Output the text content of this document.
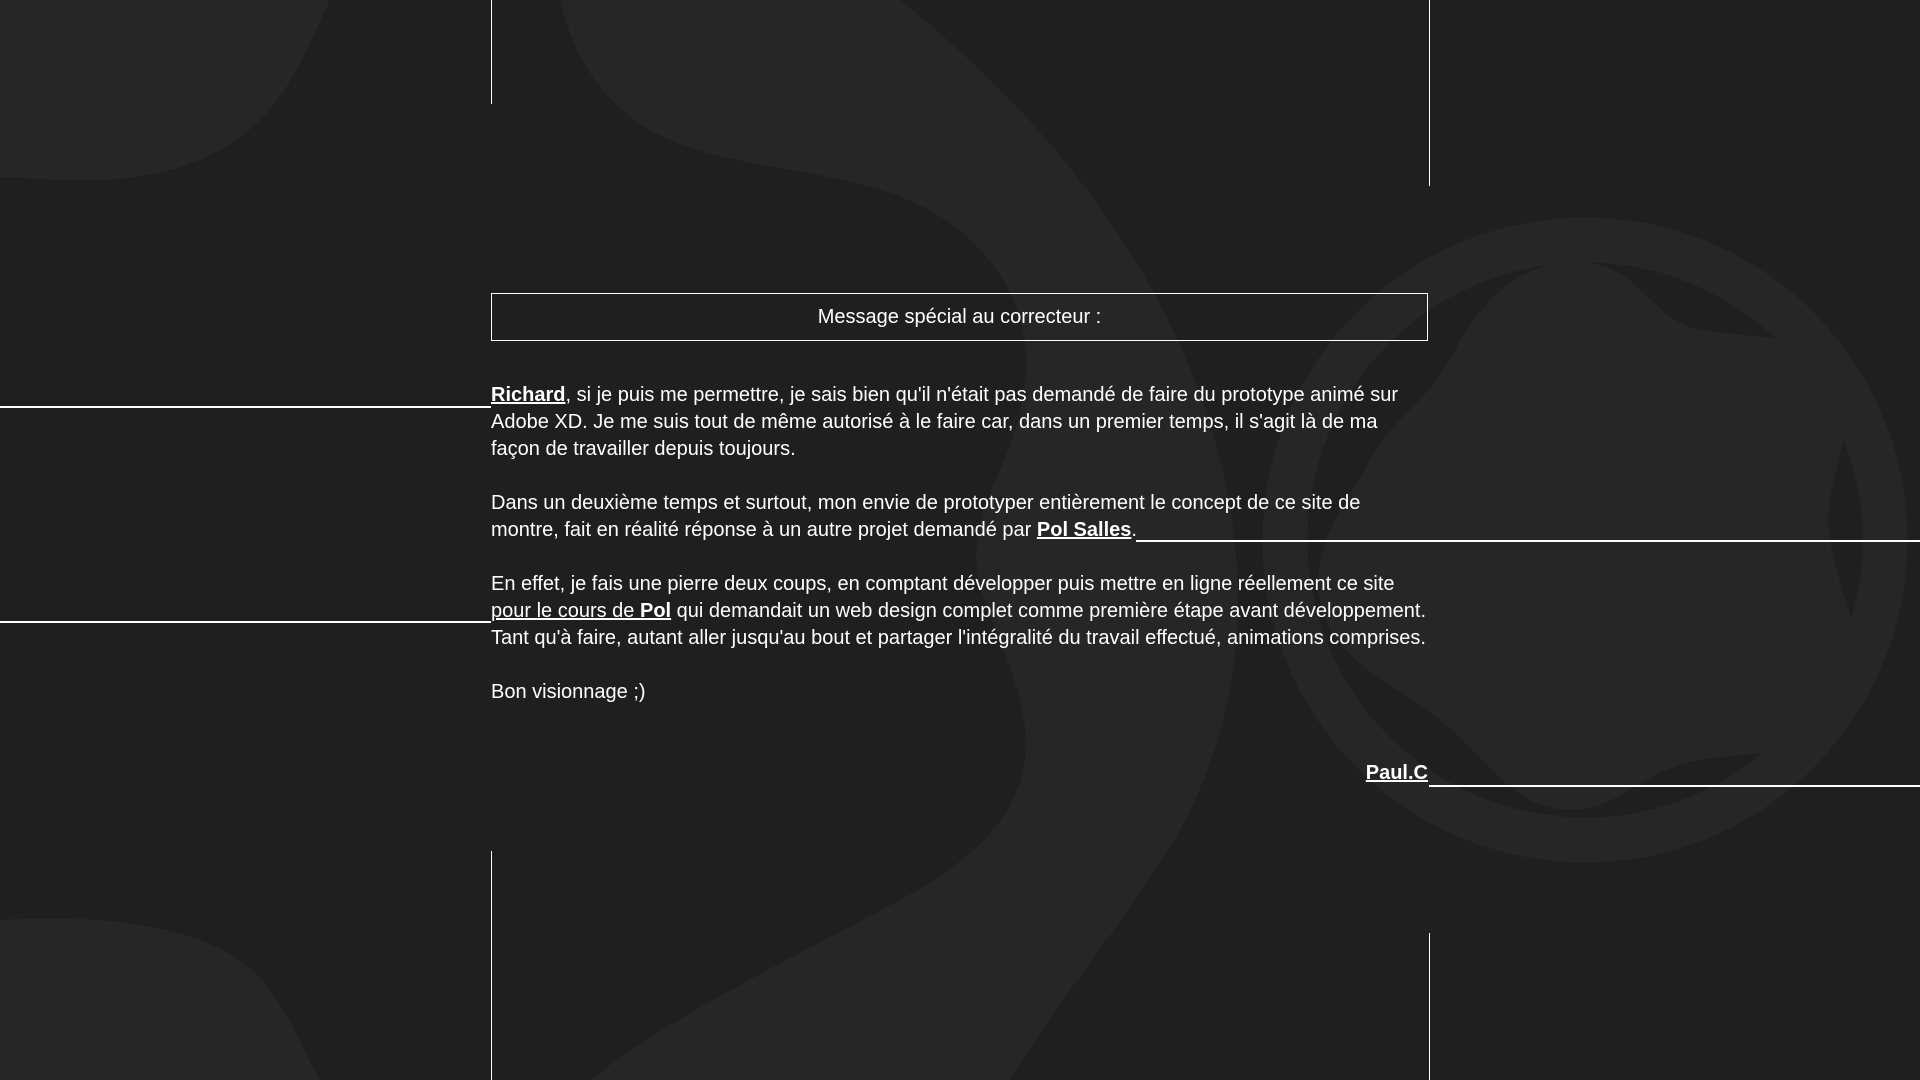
Message spécial au correcteur :

Richard, si je puis me permettre, je sais bien qu'il n'était pas demandé de faire du prototype animé sur Adobe XD. Je me suis tout de même autorisé à le faire car, dans un premier temps, il s'agit là de ma façon de travailler depuis toujours.

Dans un deuxième temps et surtout, mon envie de prototyper entièrement le concept de ce site de montre, fait en réalité réponse à un autre projet demandé par Pol Salles.

En effet, je fais une pierre deux coups, en comptant développer puis mettre en ligne réellement ce site pour le cours de Pol qui demandait un web design complet comme première étape avant développement. Tant qu'à faire, autant aller jusqu'au bout et partager l'intégralité du travail effectué, animations comprises.

Bon visionnage ;)

Paul.C
